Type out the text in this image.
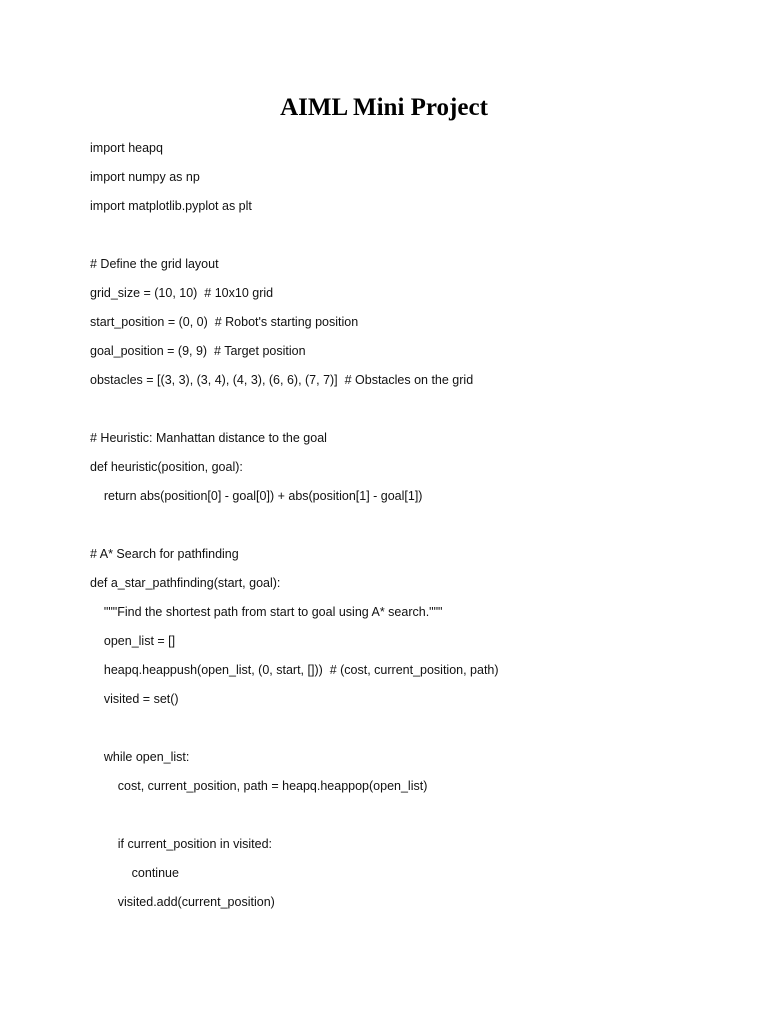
AIML Mini Project
import heapq
import numpy as np
import matplotlib.pyplot as plt
# Define the grid layout
grid_size = (10, 10)  # 10x10 grid
start_position = (0, 0)  # Robot's starting position
goal_position = (9, 9)  # Target position
obstacles = [(3, 3), (3, 4), (4, 3), (6, 6), (7, 7)]  # Obstacles on the grid
# Heuristic: Manhattan distance to the goal
def heuristic(position, goal):
return abs(position[0] - goal[0]) + abs(position[1] - goal[1])
# A* Search for pathfinding
def a_star_pathfinding(start, goal):
"""Find the shortest path from start to goal using A* search."""
open_list = []
heapq.heappush(open_list, (0, start, []))  # (cost, current_position, path)
visited = set()
while open_list:
cost, current_position, path = heapq.heappop(open_list)
if current_position in visited:
continue
visited.add(current_position)
